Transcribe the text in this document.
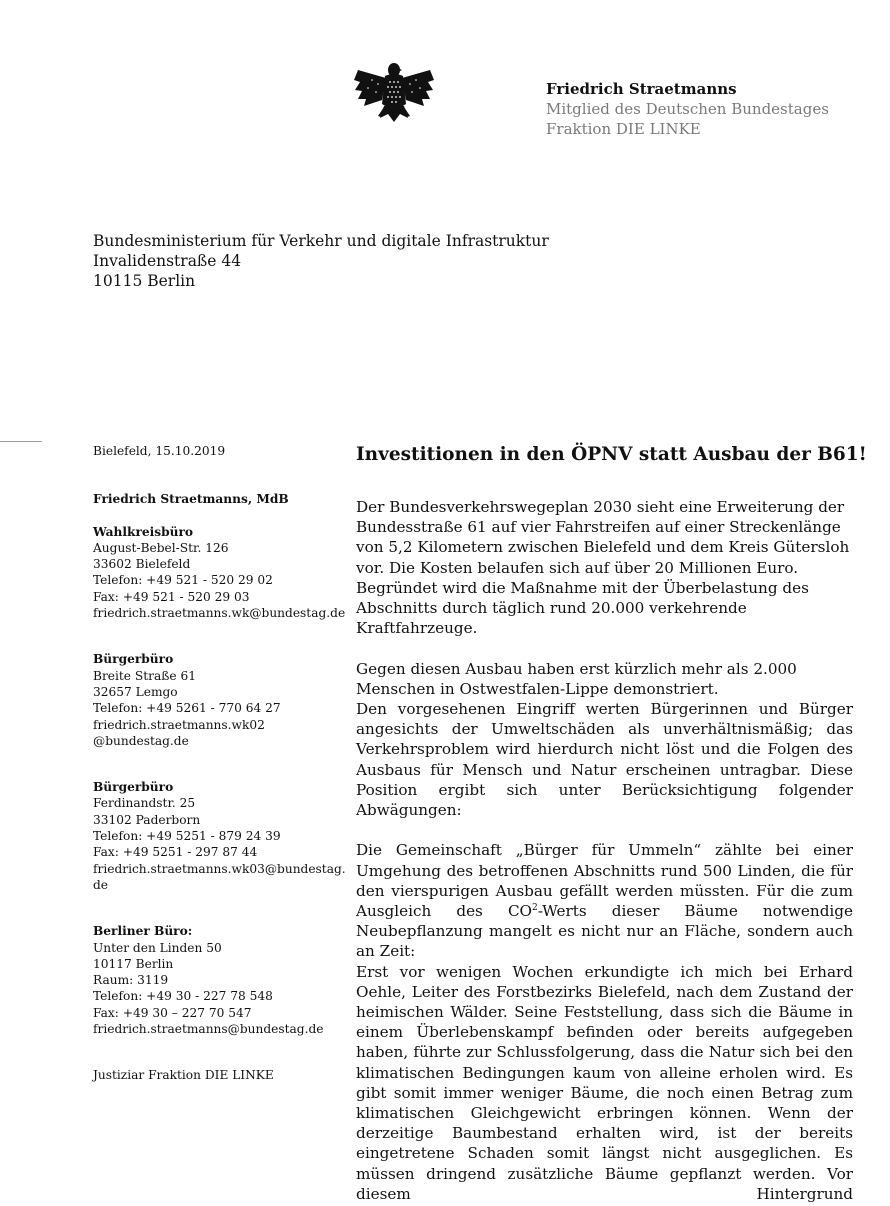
Friedrich Straetmanns
Mitglied des Deutschen Bundestages
Fraktion DIE LINKE
Bundesministerium für Verkehr und digitale Infrastruktur
Invalidenstraße 44
10115 Berlin
Bielefeld, 15.10.2019
Friedrich Straetmanns, MdB
Wahlkreisbüro
August-Bebel-Str. 126
33602 Bielefeld
Telefon: +49 521 - 520 29 02
Fax: +49 521 - 520 29 03
friedrich.straetmanns.wk@bundestag.de
Bürgerbüro
Breite Straße 61
32657 Lemgo
Telefon: +49 5261 - 770 64 27
friedrich.straetmanns.wk02
@bundestag.de
Bürgerbüro
Ferdinandstr. 25
33102 Paderborn
Telefon: +49 5251 - 879 24 39
Fax: +49 5251 - 297 87 44
friedrich.straetmanns.wk03@bundestag.
de
Berliner Büro:
Unter den Linden 50
10117 Berlin
Raum: 3119
Telefon: +49 30 - 227 78 548
Fax: +49 30 – 227 70 547
friedrich.straetmanns@bundestag.de
Justiziar Fraktion DIE LINKE
Investitionen in den ÖPNV statt Ausbau der B61!

Der Bundesverkehrswegeplan 2030 sieht eine Erweiterung der Bundesstraße 61 auf vier Fahrstreifen auf einer Streckenlänge von 5,2 Kilometern zwischen Bielefeld und dem Kreis Gütersloh vor. Die Kosten belaufen sich auf über 20 Millionen Euro. Begründet wird die Maßnahme mit der Überbelastung des Abschnitts durch täglich rund 20.000 verkehrende Kraftfahrzeuge.

Gegen diesen Ausbau haben erst kürzlich mehr als 2.000 Menschen in Ostwestfalen-Lippe demonstriert.

Den vorgesehenen Eingriff werten Bürgerinnen und Bürger angesichts der Umweltschäden als unverhältnismäßig; das Verkehrsproblem wird hierdurch nicht löst und die Folgen des Ausbaus für Mensch und Natur erscheinen untragbar. Diese Position ergibt sich unter Berücksichtigung folgender Abwägungen:

Die Gemeinschaft „Bürger für Ummeln“ zählte bei einer Umgehung des betroffenen Abschnitts rund 500 Linden, die für den vierspurigen Ausbau gefällt werden müssten. Für die zum Ausgleich des $CO^2$-Werts dieser Bäume notwendige Neubepflanzung mangelt es nicht nur an Fläche, sondern auch an Zeit:

Erst vor wenigen Wochen erkundigte ich mich bei Erhard Oehle, Leiter des Forstbezirks Bielefeld, nach dem Zustand der heimischen Wälder. Seine Feststellung, dass sich die Bäume in einem Überlebenskampf befinden oder bereits aufgegeben haben, führte zur Schlussfolgerung, dass die Natur sich bei den klimatischen Bedingungen kaum von alleine erholen wird. Es gibt somit immer weniger Bäume, die noch einen Betrag zum klimatischen Gleichgewicht erbringen können. Wenn der derzeitige Baumbestand erhalten wird, ist der bereits eingetretene Schaden somit längst nicht ausgeglichen. Es müssen dringend zusätzliche Bäume gepflanzt werden. Vor diesem Hintergrund
